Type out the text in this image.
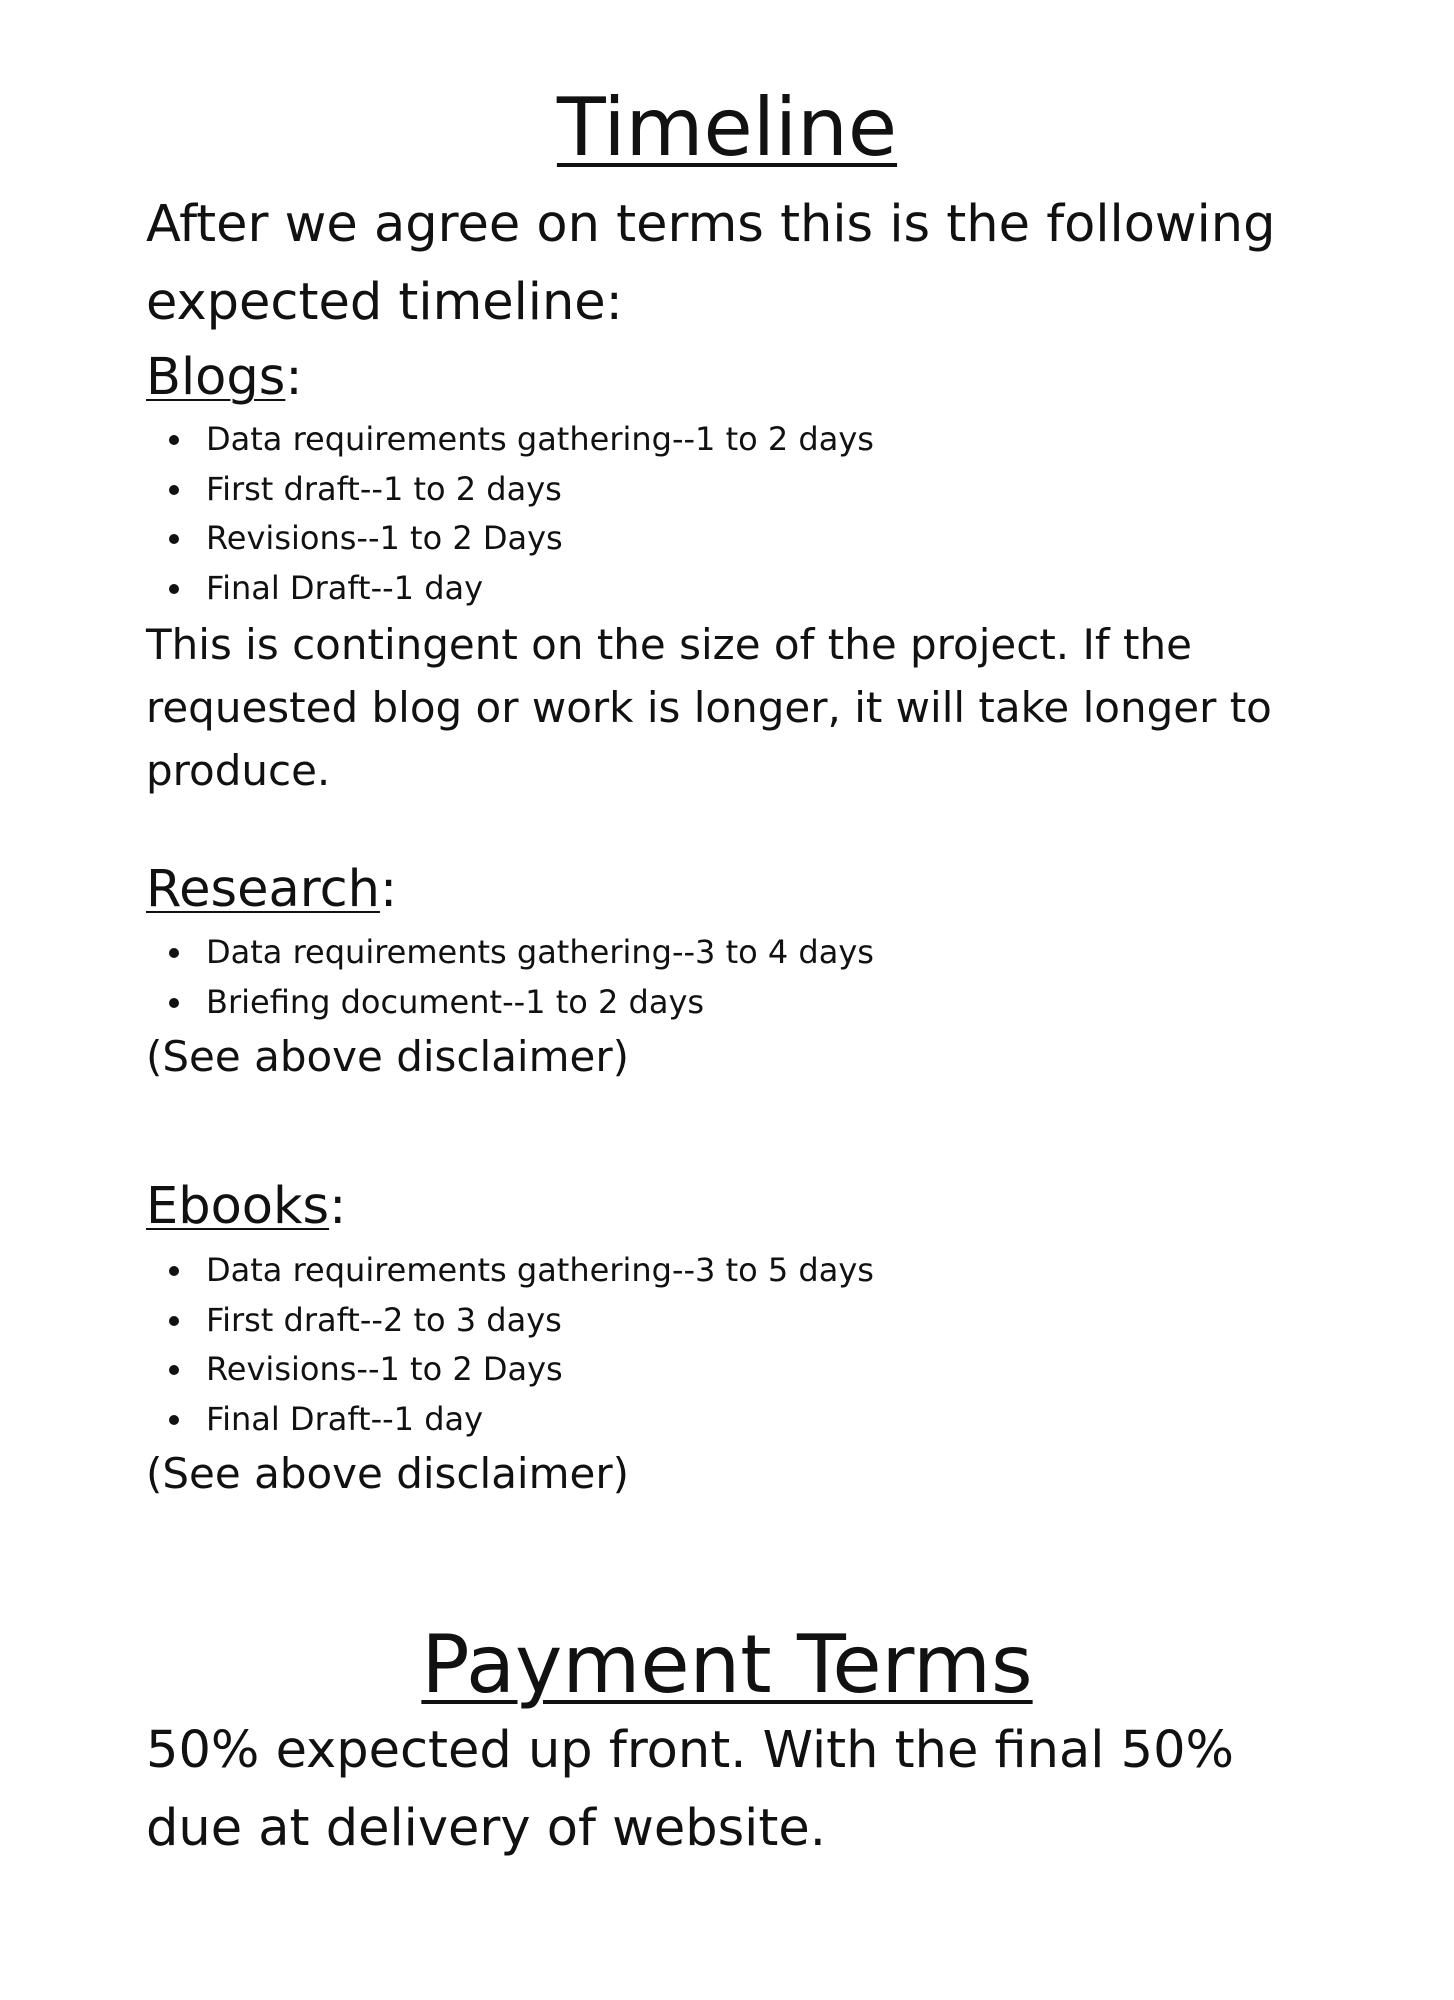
Timeline
After we agree on terms this is the following expected timeline:
Blogs:
Data requirements gathering--1 to 2 days
First draft--1 to 2 days
Revisions--1 to 2 Days
Final Draft--1 day
This is contingent on the size of the project. If the requested blog or work is longer, it will take longer to produce.
Research:
Data requirements gathering--3 to 4 days
Briefing document--1 to 2 days
(See above disclaimer)
Ebooks:
Data requirements gathering--3 to 5 days
First draft--2 to 3 days
Revisions--1 to 2 Days
Final Draft--1 day
(See above disclaimer)
Payment Terms
50% expected up front. With the final 50% due at delivery of website.
